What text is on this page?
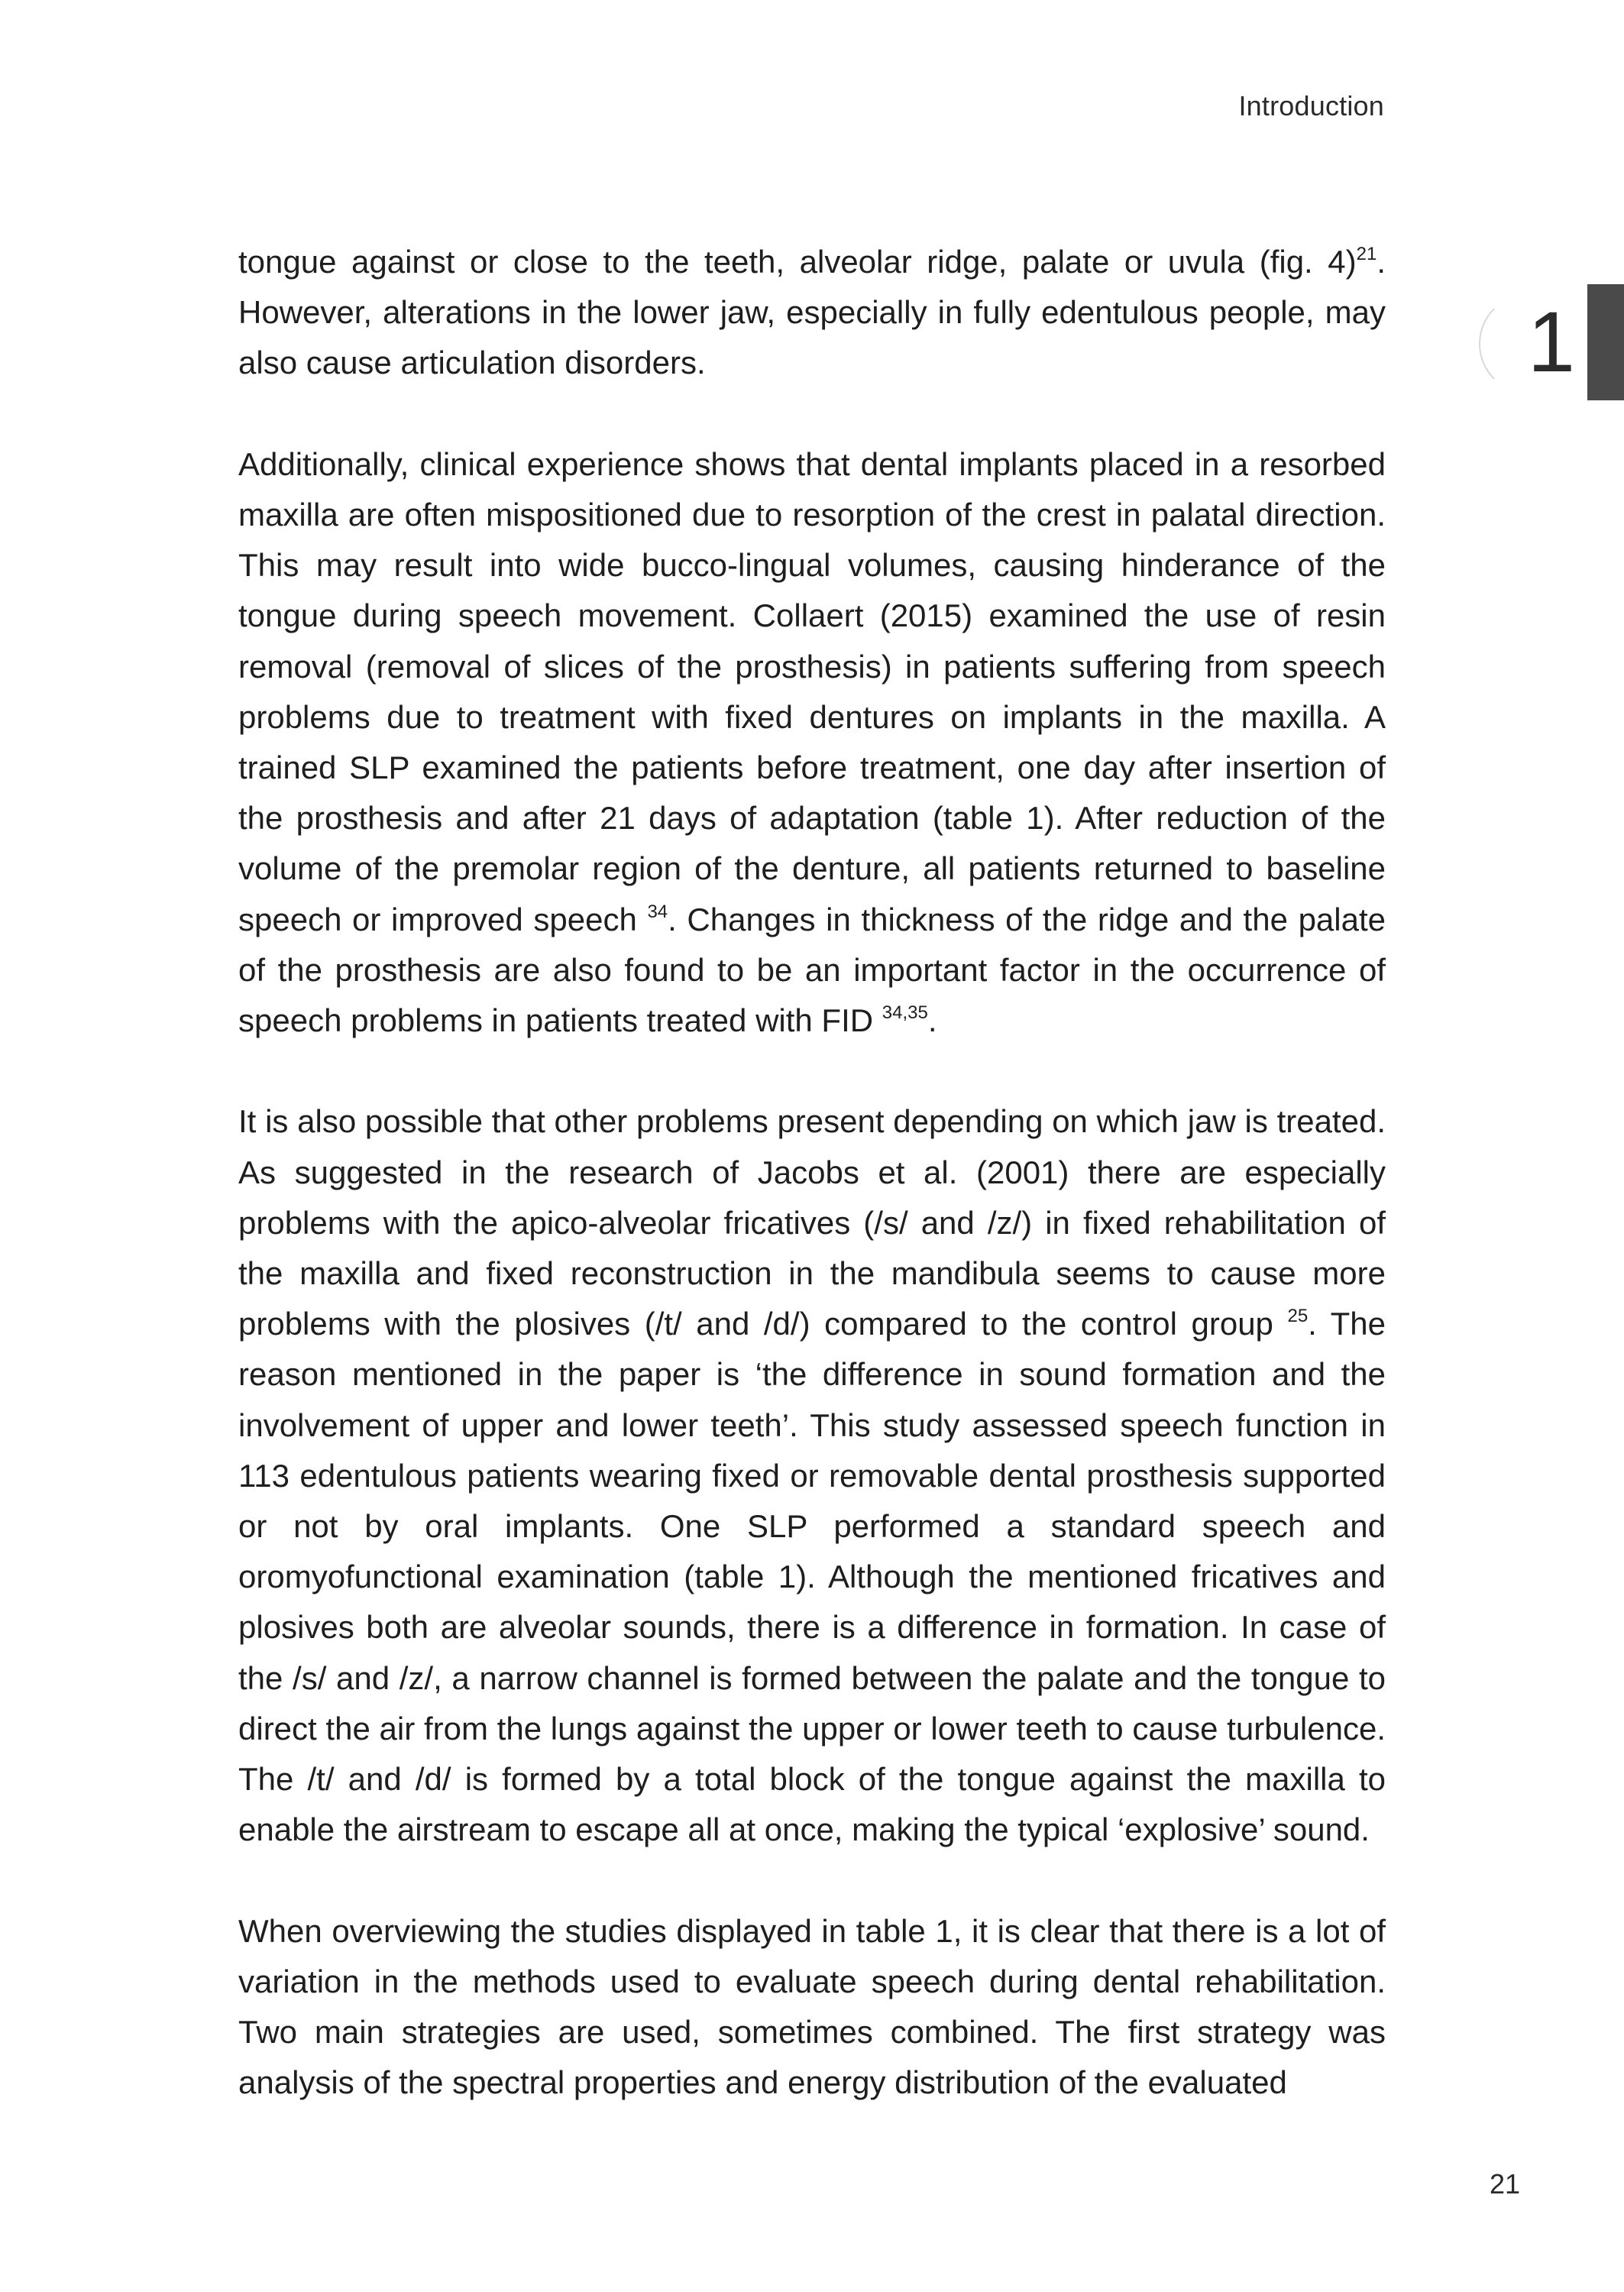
Introduction
1

tongue against or close to the teeth, alveolar ridge, palate or uvula (fig. 4)$^{21}$. However, alterations in the lower jaw, especially in fully edentulous people, may also cause articulation disorders.

Additionally, clinical experience shows that dental implants placed in a resorbed maxilla are often mispositioned due to resorption of the crest in palatal direction. This may result into wide bucco-lingual volumes, causing hinderance of the tongue during speech movement. Collaert (2015) examined the use of resin removal (removal of slices of the prosthesis) in patients suffering from speech problems due to treatment with fixed dentures on implants in the maxilla. A trained SLP examined the patients before treatment, one day after insertion of the prosthesis and after 21 days of adaptation (table 1). After reduction of the volume of the premolar region of the denture, all patients returned to baseline speech or improved speech $^{34}$. Changes in thickness of the ridge and the palate of the prosthesis are also found to be an important factor in the occurrence of speech problems in patients treated with FID $^{34,35}$.

It is also possible that other problems present depending on which jaw is treated. As suggested in the research of Jacobs et al. (2001) there are especially problems with the apico-alveolar fricatives (/s/ and /z/) in fixed rehabilitation of the maxilla and fixed reconstruction in the mandibula seems to cause more problems with the plosives (/t/ and /d/) compared to the control group $^{25}$. The reason mentioned in the paper is ‘the difference in sound formation and the involvement of upper and lower teeth’. This study assessed speech function in 113 edentulous patients wearing fixed or removable dental prosthesis supported or not by oral implants. One SLP performed a standard speech and oromyofunctional examination (table 1). Although the mentioned fricatives and plosives both are alveolar sounds, there is a difference in formation. In case of the /s/ and /z/, a narrow channel is formed between the palate and the tongue to direct the air from the lungs against the upper or lower teeth to cause turbulence. The /t/ and /d/ is formed by a total block of the tongue against the maxilla to enable the airstream to escape all at once, making the typical ‘explosive’ sound.

When overviewing the studies displayed in table 1, it is clear that there is a lot of variation in the methods used to evaluate speech during dental rehabilitation. Two main strategies are used, sometimes combined. The first strategy was analysis of the spectral properties and energy distribution of the evaluated

21
